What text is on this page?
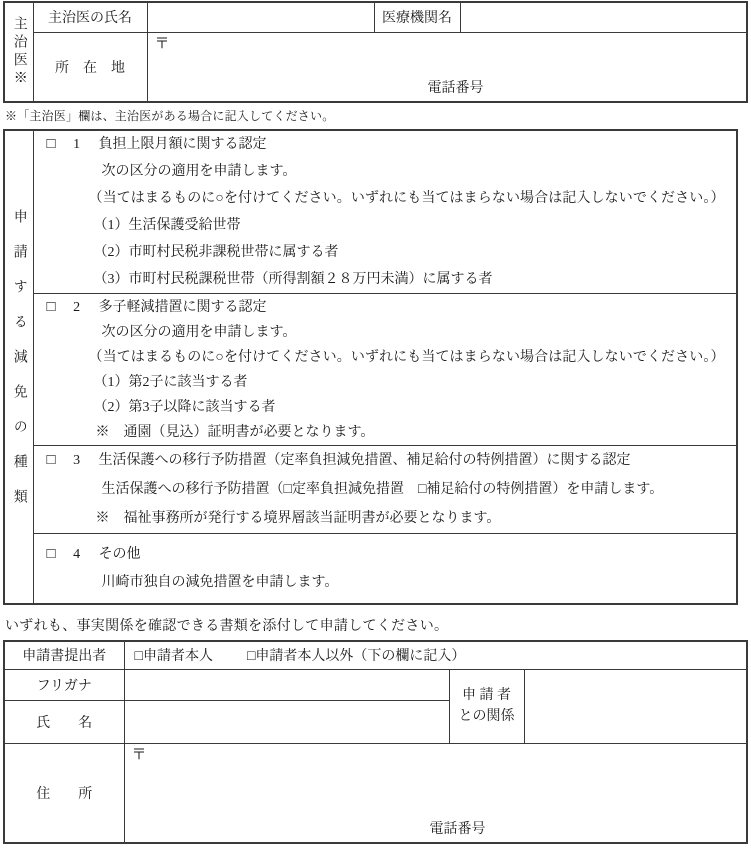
主治医※	主治医の氏名		医療機関名	
	所　在　地	〒
電話番号		
※「主治医」欄は、主治医がある場合に記入してください。
申請する減免の種類	
□ 1 負担上限月額に関する認定
次の区分の適用を申請します。
（当てはまるものに○を付けてください。いずれにも当てはまらない場合は記入しないでください。）
（1）生活保護受給世帯
（2）市町村民税非課税世帯に属する者
（3）市町村民税課税世帯（所得割額２８万円未満）に属する者

□ 2 多子軽減措置に関する認定
次の区分の適用を申請します。
（当てはまるものに○を付けてください。いずれにも当てはまらない場合は記入しないでください。）
（1）第2子に該当する者
（2）第3子以降に該当する者
※　通園（見込）証明書が必要となります。

□ 3 生活保護への移行予防措置（定率負担減免措置、補足給付の特例措置）に関する認定
生活保護への移行予防措置（□定率負担減免措置　□補足給付の特例措置）を申請します。
※　福祉事務所が発行する境界層該当証明書が必要となります。

□ 4 その他
川崎市独自の減免措置を申請します。
いずれも、事実関係を確認できる書類を添付して申請してください。
申請書提出者	□申請者本人 □申請者本人以外（下の欄に記入）		
フリガナ		申 請 者
との関係	

氏　　名			
住　　所	〒
電話番号		
